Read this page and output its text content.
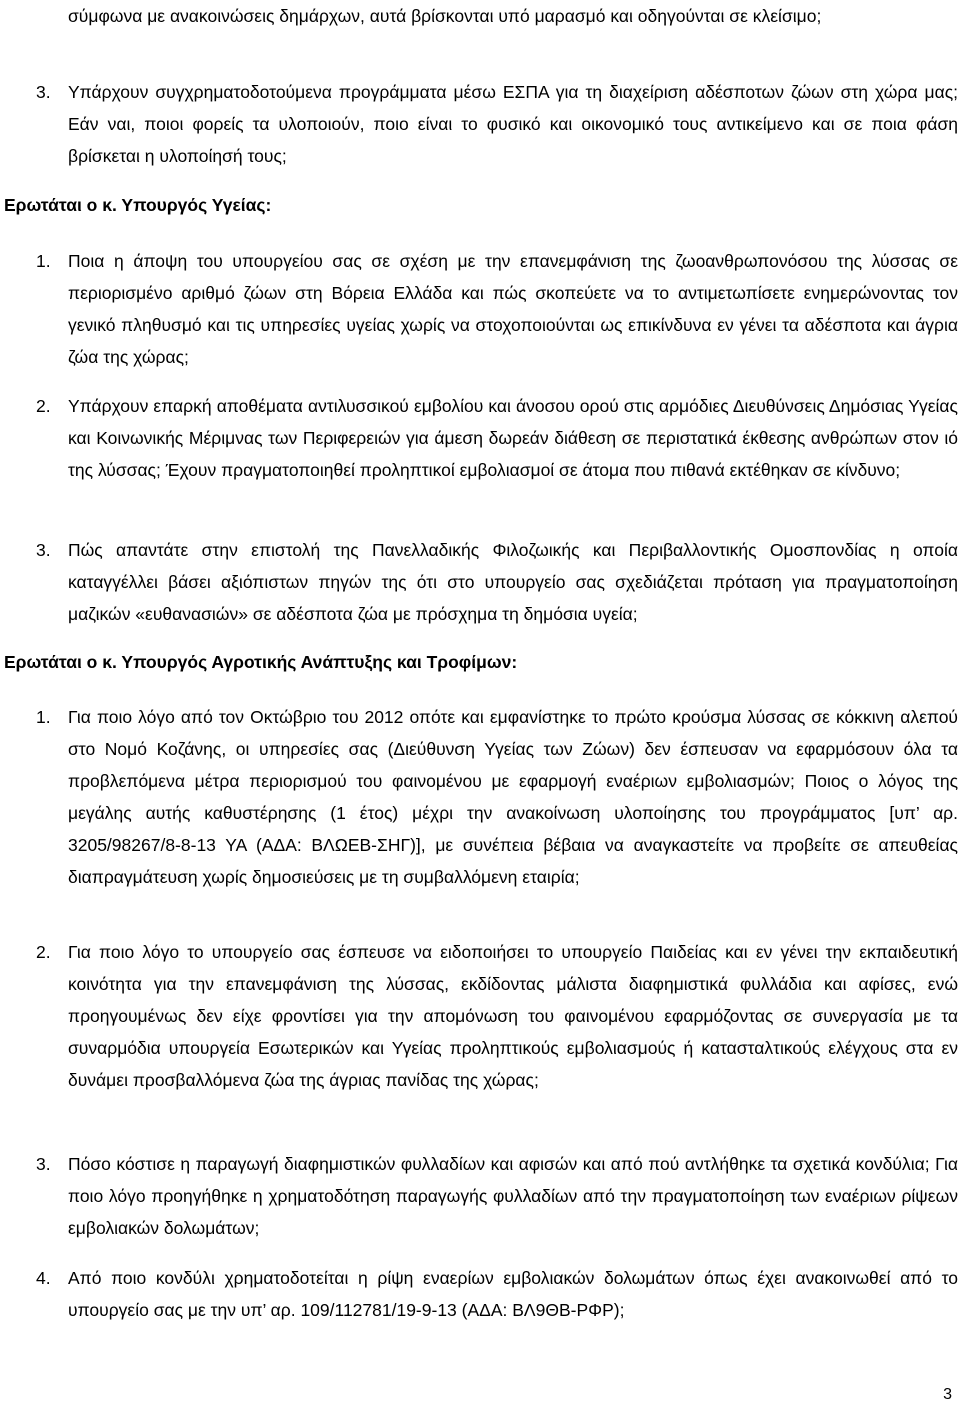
σύμφωνα με ανακοινώσεις δημάρχων, αυτά βρίσκονται υπό μαρασμό και οδηγούνται σε κλείσιμο;
3. Υπάρχουν συγχρηματοδοτούμενα προγράμματα μέσω ΕΣΠΑ για τη διαχείριση αδέσποτων ζώων στη χώρα μας; Εάν ναι, ποιοι φορείς τα υλοποιούν, ποιο είναι το φυσικό και οικονομικό τους αντικείμενο και σε ποια φάση βρίσκεται η υλοποίησή τους;
Ερωτάται ο κ. Υπουργός Υγείας:
1. Ποια η άποψη του υπουργείου σας σε σχέση με την επανεμφάνιση της ζωοανθρωπονόσου της λύσσας σε περιορισμένο αριθμό ζώων στη Βόρεια Ελλάδα και πώς σκοπεύετε να το αντιμετωπίσετε ενημερώνοντας τον γενικό πληθυσμό και τις υπηρεσίες υγείας χωρίς να στοχοποιούνται ως επικίνδυνα εν γένει τα αδέσποτα και άγρια ζώα της χώρας;
2. Υπάρχουν επαρκή αποθέματα αντιλυσσικού εμβολίου και άνοσου ορού στις αρμόδιες Διευθύνσεις Δημόσιας Υγείας και Κοινωνικής Μέριμνας των Περιφερειών για άμεση δωρεάν διάθεση σε περιστατικά έκθεσης ανθρώπων στον ιό της λύσσας; Έχουν πραγματοποιηθεί προληπτικοί εμβολιασμοί σε άτομα που πιθανά εκτέθηκαν σε κίνδυνο;
3. Πώς απαντάτε στην επιστολή της Πανελλαδικής Φιλοζωικής και Περιβαλλοντικής Ομοσπονδίας η οποία καταγγέλλει βάσει αξιόπιστων πηγών της ότι στο υπουργείο σας σχεδιάζεται πρόταση για πραγματοποίηση μαζικών «ευθανασιών» σε αδέσποτα ζώα με πρόσχημα τη δημόσια υγεία;
Ερωτάται ο κ. Υπουργός Αγροτικής Ανάπτυξης και Τροφίμων:
1. Για ποιο λόγο από τον Οκτώβριο του 2012 οπότε και εμφανίστηκε το πρώτο κρούσμα λύσσας σε κόκκινη αλεπού στο Νομό Κοζάνης, οι υπηρεσίες σας (Διεύθυνση Υγείας των Ζώων) δεν έσπευσαν να εφαρμόσουν όλα τα προβλεπόμενα μέτρα περιορισμού του φαινομένου με εφαρμογή εναέριων εμβολιασμών; Ποιος ο λόγος της μεγάλης αυτής καθυστέρησης (1 έτος) μέχρι την ανακοίνωση υλοποίησης του προγράμματος [υπ’ αρ. 3205/98267/8-8-13 ΥΑ (ΑΔΑ: ΒΛΩΕΒ-ΣΗΓ)], με συνέπεια βέβαια να αναγκαστείτε να προβείτε σε απευθείας διαπραγμάτευση χωρίς δημοσιεύσεις με τη συμβαλλόμενη εταιρία;
2. Για ποιο λόγο το υπουργείο σας έσπευσε να ειδοποιήσει το υπουργείο Παιδείας και εν γένει την εκπαιδευτική κοινότητα για την επανεμφάνιση της λύσσας, εκδίδοντας μάλιστα διαφημιστικά φυλλάδια και αφίσες, ενώ προηγουμένως δεν είχε φροντίσει για την απομόνωση του φαινομένου εφαρμόζοντας σε συνεργασία με τα συναρμόδια υπουργεία Εσωτερικών και Υγείας προληπτικούς εμβολιασμούς ή κατασταλτικούς ελέγχους στα εν δυνάμει προσβαλλόμενα ζώα της άγριας πανίδας της χώρας;
3. Πόσο κόστισε η παραγωγή διαφημιστικών φυλλαδίων και αφισών και από πού αντλήθηκε τα σχετικά κονδύλια; Για ποιο λόγο προηγήθηκε η χρηματοδότηση παραγωγής φυλλαδίων από την πραγματοποίηση των εναέριων ρίψεων εμβολιακών δολωμάτων;
4. Από ποιο κονδύλι χρηματοδοτείται η ρίψη εναερίων εμβολιακών δολωμάτων όπως έχει ανακοινωθεί από το υπουργείο σας με την υπ’ αρ. 109/112781/19-9-13 (ΑΔΑ: ΒΛ9ΘΒ-ΡΦΡ);
3
